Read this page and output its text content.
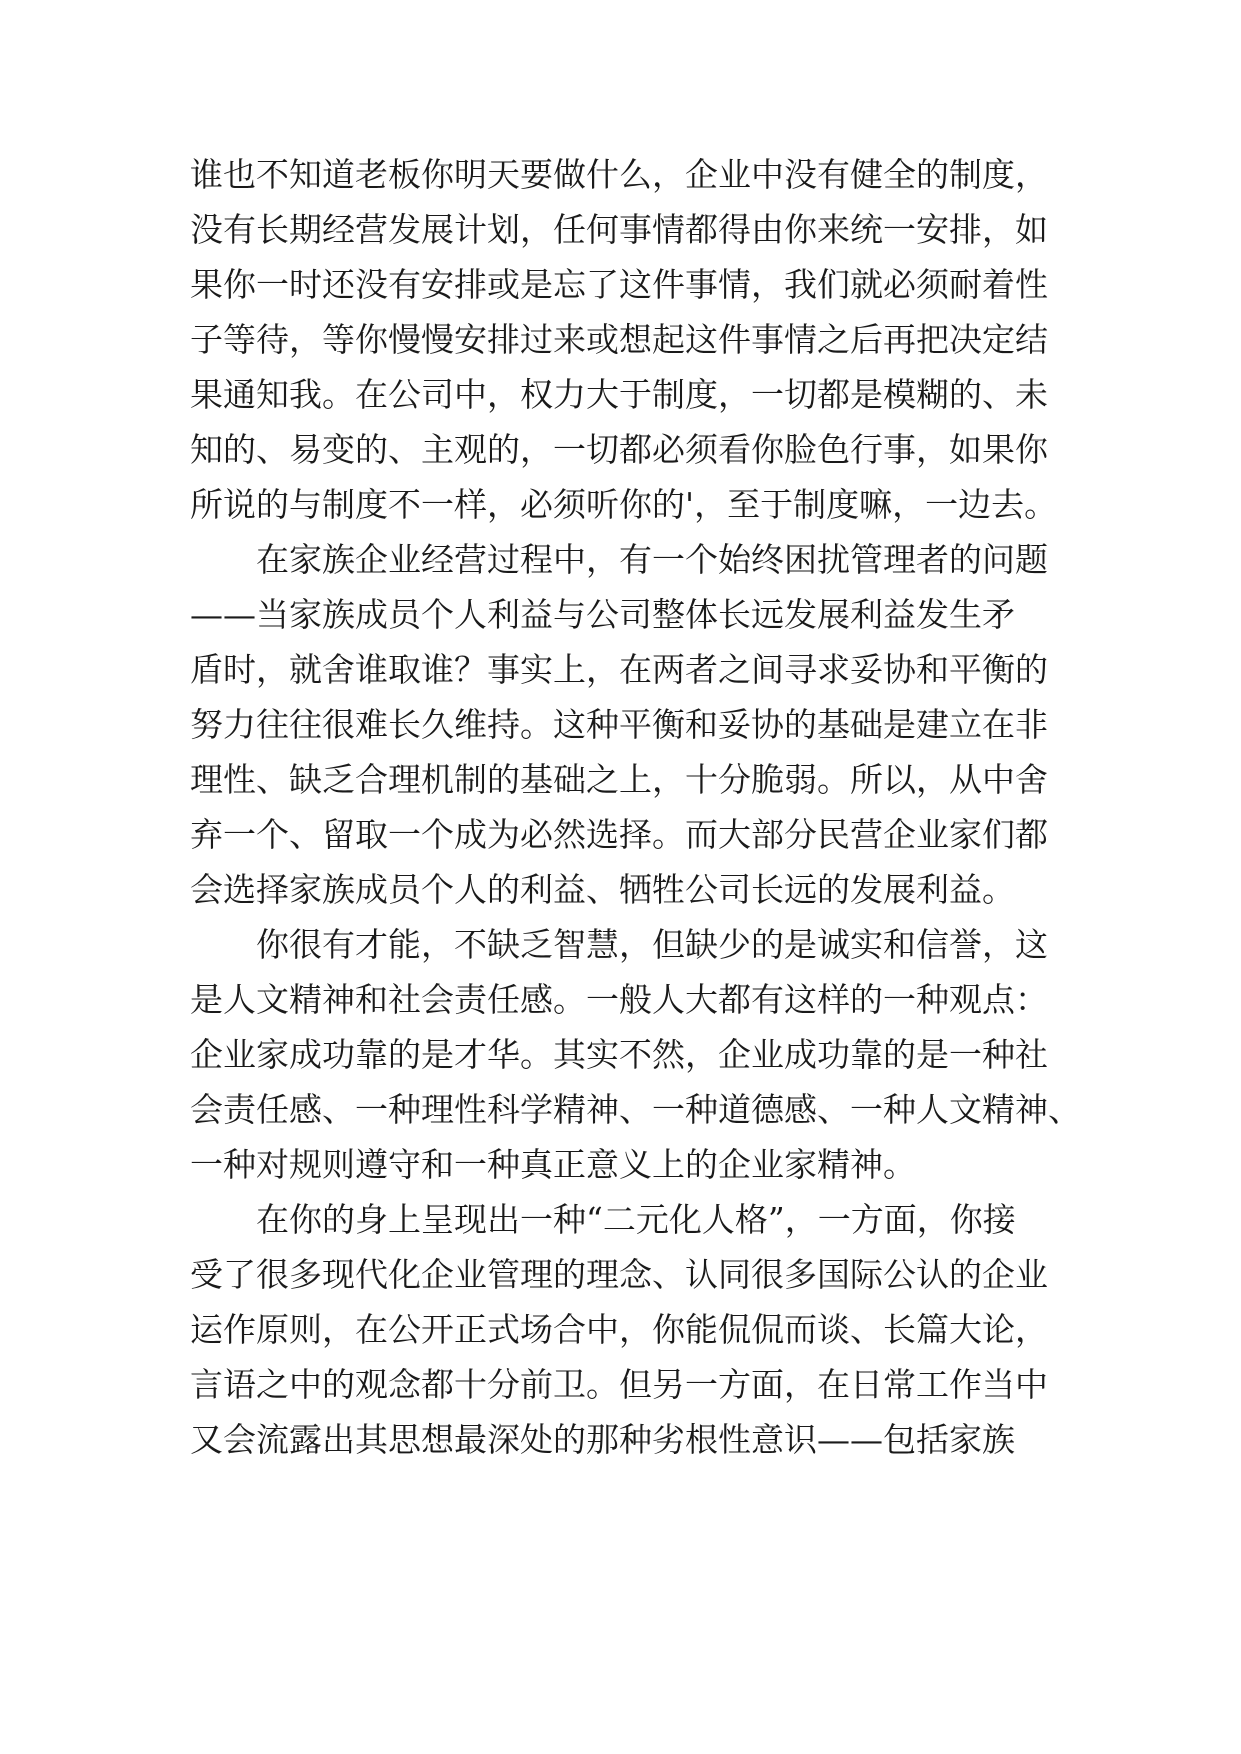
谁也不知道老板你明天要做什么，企业中没有健全的制度，
没有长期经营发展计划，任何事情都得由你来统一安排，如
果你一时还没有安排或是忘了这件事情，我们就必须耐着性
子等待，等你慢慢安排过来或想起这件事情之后再把决定结
果通知我。在公司中，权力大于制度，一切都是模糊的、未
知的、易变的、主观的，一切都必须看你脸色行事，如果你
所说的与制度不一样，必须听你的'，至于制度嘛，一边去。
　　在家族企业经营过程中，有一个始终困扰管理者的问题
——当家族成员个人利益与公司整体长远发展利益发生矛
盾时，就舍谁取谁？事实上，在两者之间寻求妥协和平衡的
努力往往很难长久维持。这种平衡和妥协的基础是建立在非
理性、缺乏合理机制的基础之上，十分脆弱。所以，从中舍
弃一个、留取一个成为必然选择。而大部分民营企业家们都
会选择家族成员个人的利益、牺牲公司长远的发展利益。
　　你很有才能，不缺乏智慧，但缺少的是诚实和信誉，这
是人文精神和社会责任感。一般人大都有这样的一种观点：
企业家成功靠的是才华。其实不然，企业成功靠的是一种社
会责任感、一种理性科学精神、一种道德感、一种人文精神、
一种对规则遵守和一种真正意义上的企业家精神。
　　在你的身上呈现出一种“二元化人格”，一方面，你接
受了很多现代化企业管理的理念、认同很多国际公认的企业
运作原则，在公开正式场合中，你能侃侃而谈、长篇大论，
言语之中的观念都十分前卫。但另一方面，在日常工作当中
又会流露出其思想最深处的那种劣根性意识——包括家族
